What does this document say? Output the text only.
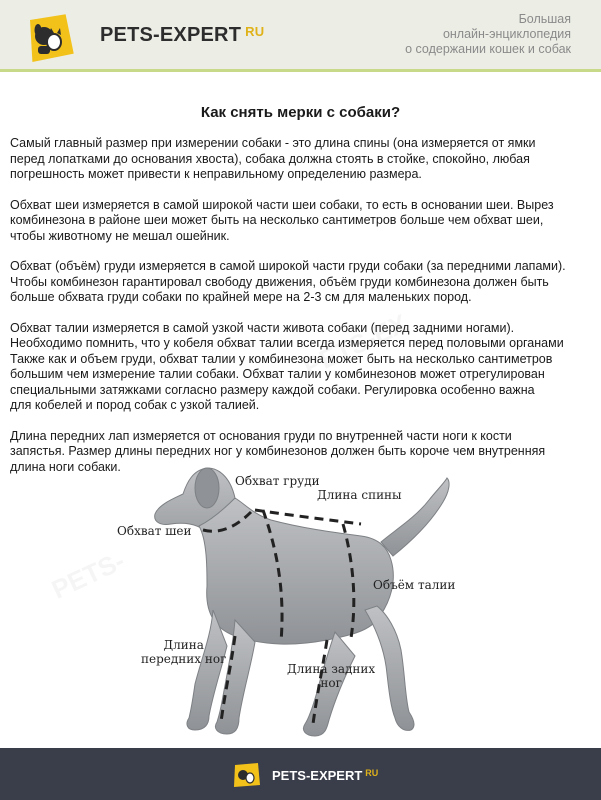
PETS-EXPERT $^{RU}$
Большая
онлайн-энциклопедия
о содержании кошек и собак
Как снять мерки с собаки?

Самый главный размер при измерении собаки - это длина спины (она измеряется от ямки
перед лопатками до основания хвоста), собака должна стоять в стойке, спокойно, любая
погрешность может привести к неправильному определению размера.

Обхват шеи измеряется в самой широкой части шеи собаки, то есть в основании шеи. Вырез
комбинезона в районе шеи может быть на несколько сантиметров больше чем обхват шеи,
чтобы животному не мешал ошейник.

Обхват (объём) груди измеряется в самой широкой части груди собаки (за передними лапами).
Чтобы комбинезон гарантировал свободу движения, объём груди комбинезона должен быть
больше обхвата груди собаки по крайней мере на 2-3 см для маленьких пород.

Обхват талии измеряется в самой узкой части живота собаки (перед задними ногами).
Необходимо помнить, что у кобеля обхват талии всегда измеряется перед половыми органами
Также как и объем груди, обхват талии у комбинезона может быть на несколько сантиметров
большим чем измерение талии собаки. Обхват талии у комбинезонов может отрегулирован
специальными затяжками согласно размеру каждой собаки. Регулировка особенно важна
для кобелей и пород собак с узкой талией.

Длина передних лап измеряется от основания груди по внутренней части ноги к кости
запястья. Размер длины передних ног у комбинезонов должен быть короче чем внутренняя
длина ноги собаки.

Обхват груди
Длина спины
Обхват шеи
Объём талии
Длина
передних ног
Длина задних
ног
PETS-EXPERT $^{RU}$
